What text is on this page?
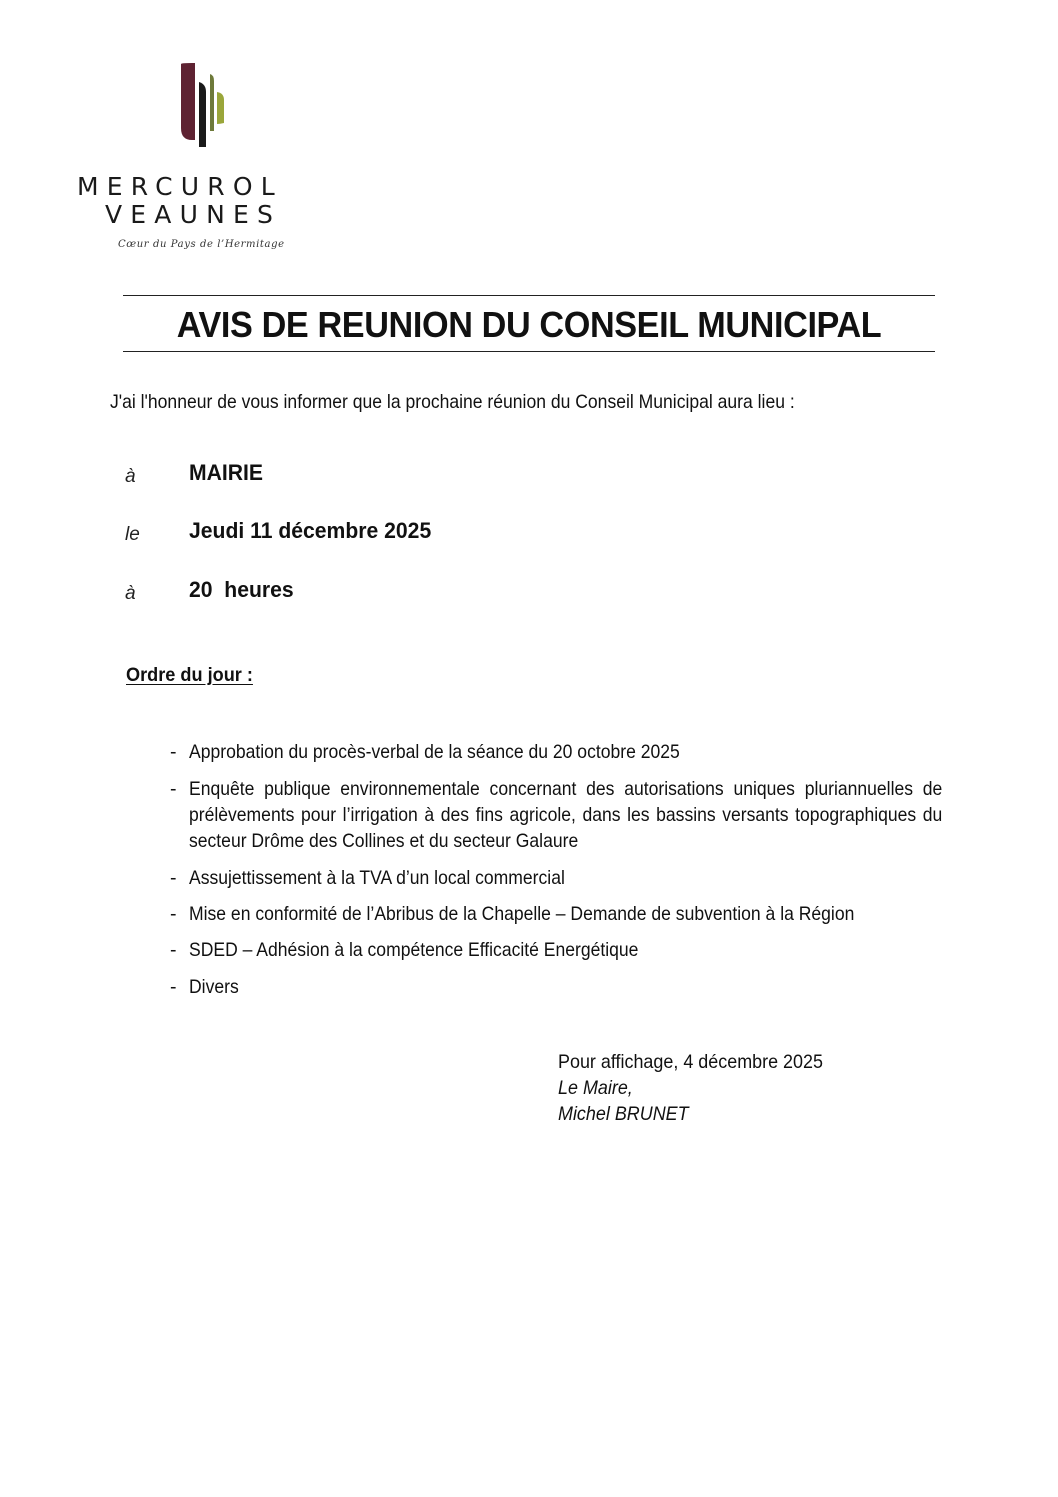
MERCUROL
VEAUNES
Cœur du Pays de l’Hermitage
AVIS DE REUNION DU CONSEIL MUNICIPAL
J'ai l'honneur de vous informer que la prochaine réunion du Conseil Municipal aura lieu :
à MAIRIE
le Jeudi 11 décembre 2025
à 20  heures
Ordre du jour :
- Approbation du procès-verbal de la séance du 20 octobre 2025
- Enquête publique environnementale concernant des autorisations uniques pluriannuelles de prélèvements pour l’irrigation à des fins agricole, dans les bassins versants topographiques du secteur Drôme des Collines et du secteur Galaure
- Assujettissement à la TVA d’un local commercial
- Mise en conformité de l’Abribus de la Chapelle – Demande de subvention à la Région
- SDED – Adhésion à la compétence Efficacité Energétique
- Divers
Pour affichage, 4 décembre 2025
Le Maire,
Michel BRUNET
